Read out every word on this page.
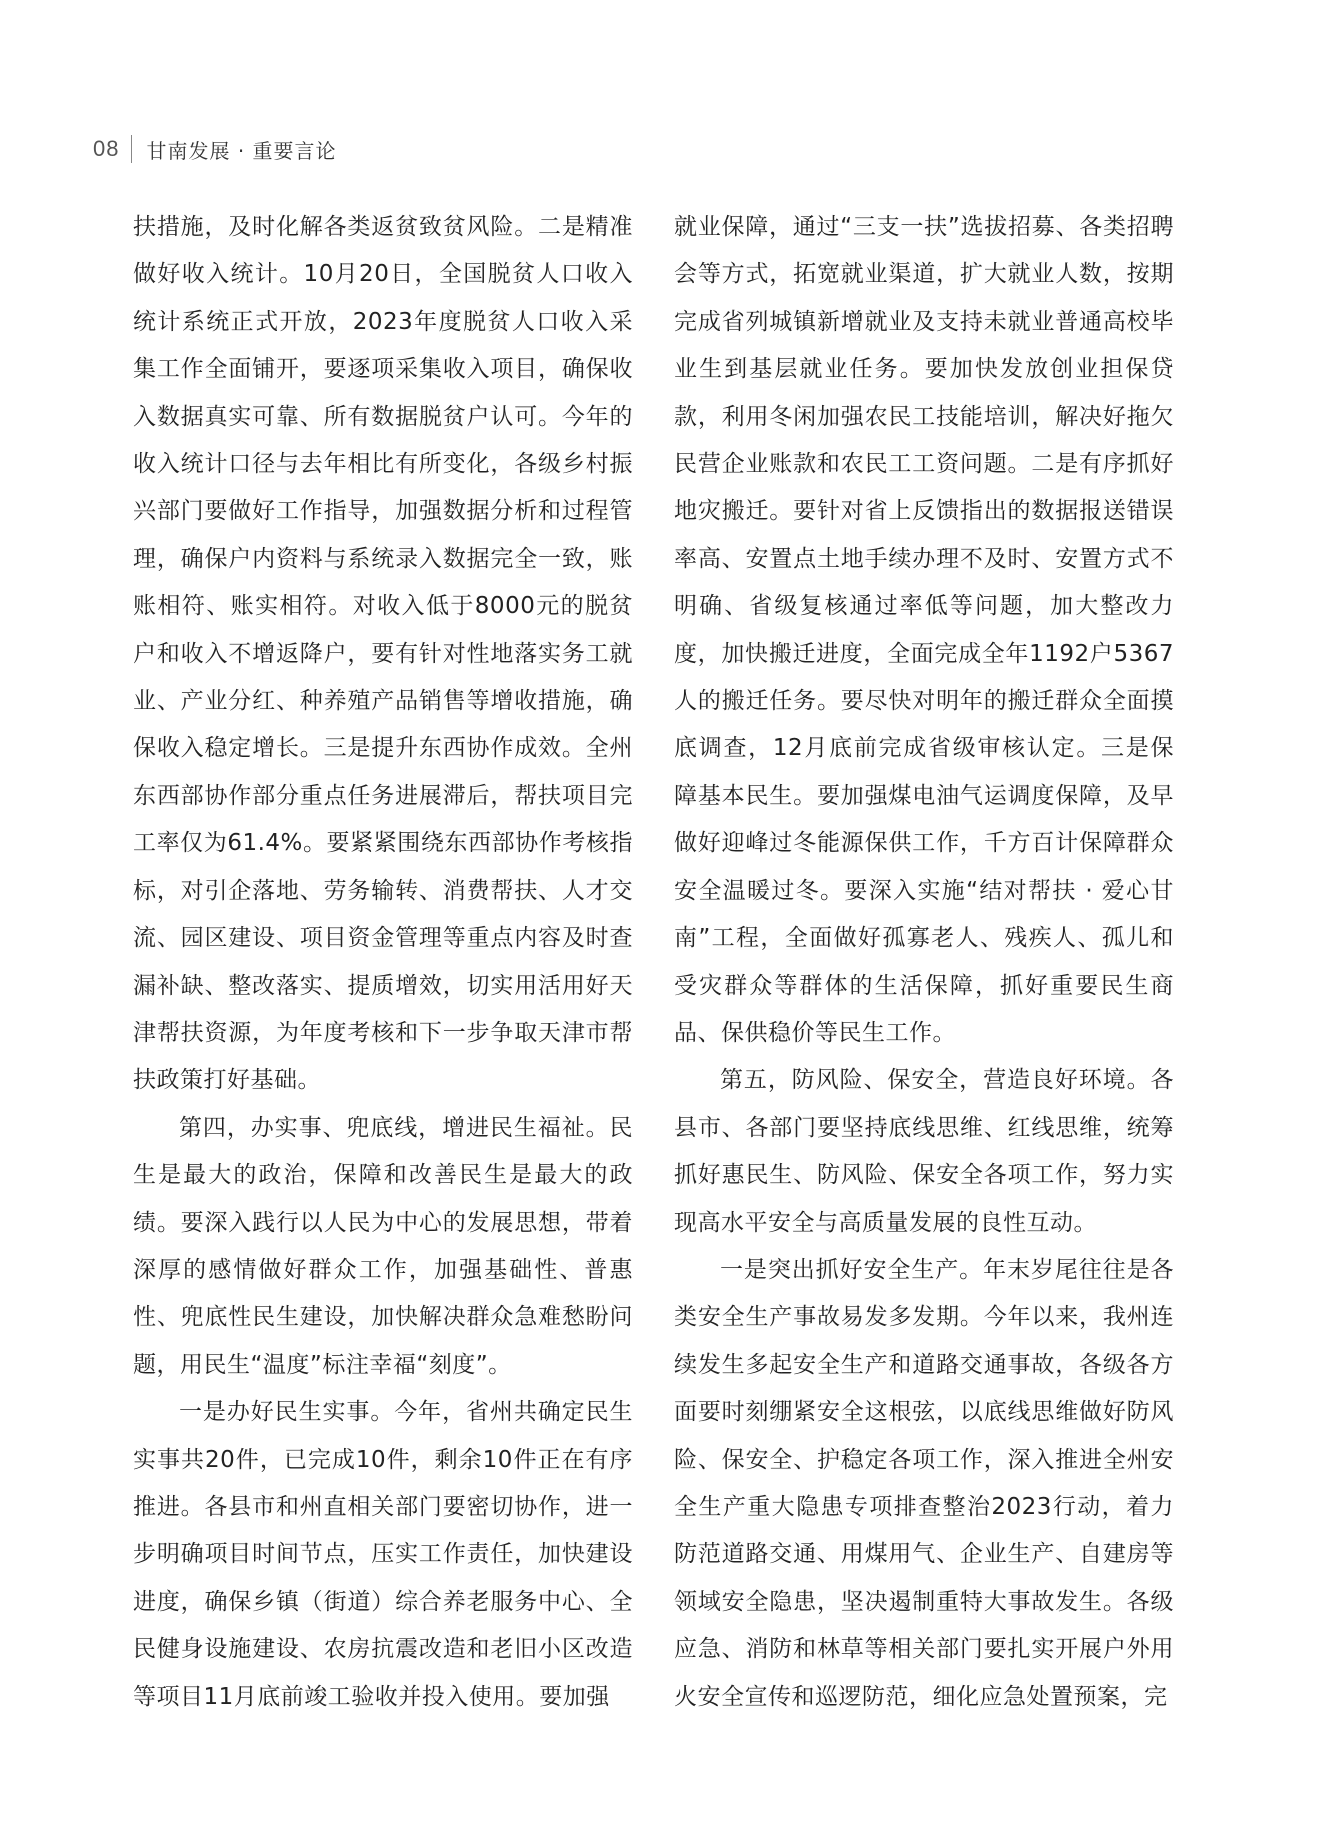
08 甘南发展 · 重要言论

扶措施，及时化解各类返贫致贫风险。二是精准做好收入统计。10月20日，全国脱贫人口收入统计系统正式开放，2023年度脱贫人口收入采集工作全面铺开，要逐项采集收入项目，确保收入数据真实可靠、所有数据脱贫户认可。今年的收入统计口径与去年相比有所变化，各级乡村振兴部门要做好工作指导，加强数据分析和过程管理，确保户内资料与系统录入数据完全一致，账账相符、账实相符。对收入低于8000元的脱贫户和收入不增返降户，要有针对性地落实务工就业、产业分红、种养殖产品销售等增收措施，确保收入稳定增长。三是提升东西协作成效。全州东西部协作部分重点任务进展滞后，帮扶项目完工率仅为61.4%。要紧紧围绕东西部协作考核指标，对引企落地、劳务输转、消费帮扶、人才交流、园区建设、项目资金管理等重点内容及时查漏补缺、整改落实、提质增效，切实用活用好天津帮扶资源，为年度考核和下一步争取天津市帮扶政策打好基础。

第四，办实事、兜底线，增进民生福祉。民生是最大的政治，保障和改善民生是最大的政绩。要深入践行以人民为中心的发展思想，带着深厚的感情做好群众工作，加强基础性、普惠性、兜底性民生建设，加快解决群众急难愁盼问题，用民生“温度”标注幸福“刻度”。

一是办好民生实事。今年，省州共确定民生实事共20件，已完成10件，剩余10件正在有序推进。各县市和州直相关部门要密切协作，进一步明确项目时间节点，压实工作责任，加快建设进度，确保乡镇（街道）综合养老服务中心、全民健身设施建设、农房抗震改造和老旧小区改造等项目11月底前竣工验收并投入使用。要加强

就业保障，通过“三支一扶”选拔招募、各类招聘会等方式，拓宽就业渠道，扩大就业人数，按期完成省列城镇新增就业及支持未就业普通高校毕业生到基层就业任务。要加快发放创业担保贷款，利用冬闲加强农民工技能培训，解决好拖欠民营企业账款和农民工工资问题。二是有序抓好地灾搬迁。要针对省上反馈指出的数据报送错误率高、安置点土地手续办理不及时、安置方式不明确、省级复核通过率低等问题，加大整改力度，加快搬迁进度，全面完成全年1192户5367人的搬迁任务。要尽快对明年的搬迁群众全面摸底调查，12月底前完成省级审核认定。三是保障基本民生。要加强煤电油气运调度保障，及早做好迎峰过冬能源保供工作，千方百计保障群众安全温暖过冬。要深入实施“结对帮扶 · 爱心甘南”工程，全面做好孤寡老人、残疾人、孤儿和受灾群众等群体的生活保障，抓好重要民生商品、保供稳价等民生工作。

第五，防风险、保安全，营造良好环境。各县市、各部门要坚持底线思维、红线思维，统筹抓好惠民生、防风险、保安全各项工作，努力实现高水平安全与高质量发展的良性互动。

一是突出抓好安全生产。年末岁尾往往是各类安全生产事故易发多发期。今年以来，我州连续发生多起安全生产和道路交通事故，各级各方面要时刻绷紧安全这根弦，以底线思维做好防风险、保安全、护稳定各项工作，深入推进全州安全生产重大隐患专项排查整治2023行动，着力防范道路交通、用煤用气、企业生产、自建房等领域安全隐患，坚决遏制重特大事故发生。各级应急、消防和林草等相关部门要扎实开展户外用火安全宣传和巡逻防范，细化应急处置预案，完
